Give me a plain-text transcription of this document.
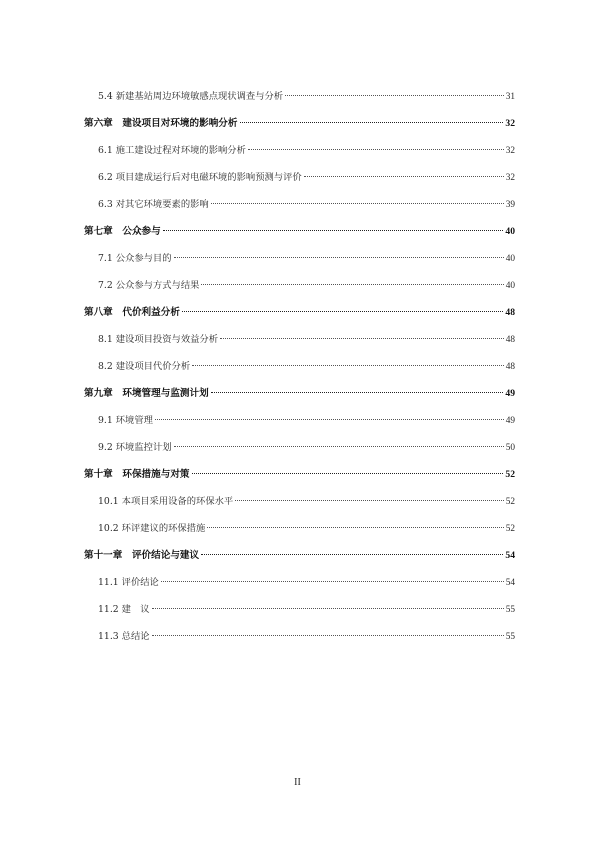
5.4 新建基站周边环境敏感点现状调查与分析	31
第六章　建设项目对环境的影响分析	32
6.1 施工建设过程对环境的影响分析	32
6.2 项目建成运行后对电磁环境的影响预测与评价	32
6.3 对其它环境要素的影响	39
第七章　公众参与	40
7.1 公众参与目的	40
7.2 公众参与方式与结果	40
第八章　代价利益分析	48
8.1 建设项目投资与效益分析	48
8.2 建设项目代价分析	48
第九章　环境管理与监测计划	49
9.1 环境管理	49
9.2 环境监控计划	50
第十章　环保措施与对策	52
10.1 本项目采用设备的环保水平	52
10.2 环评建议的环保措施	52
第十一章　评价结论与建议	54
11.1 评价结论	54
11.2 建　议	55
11.3 总结论	55
II
